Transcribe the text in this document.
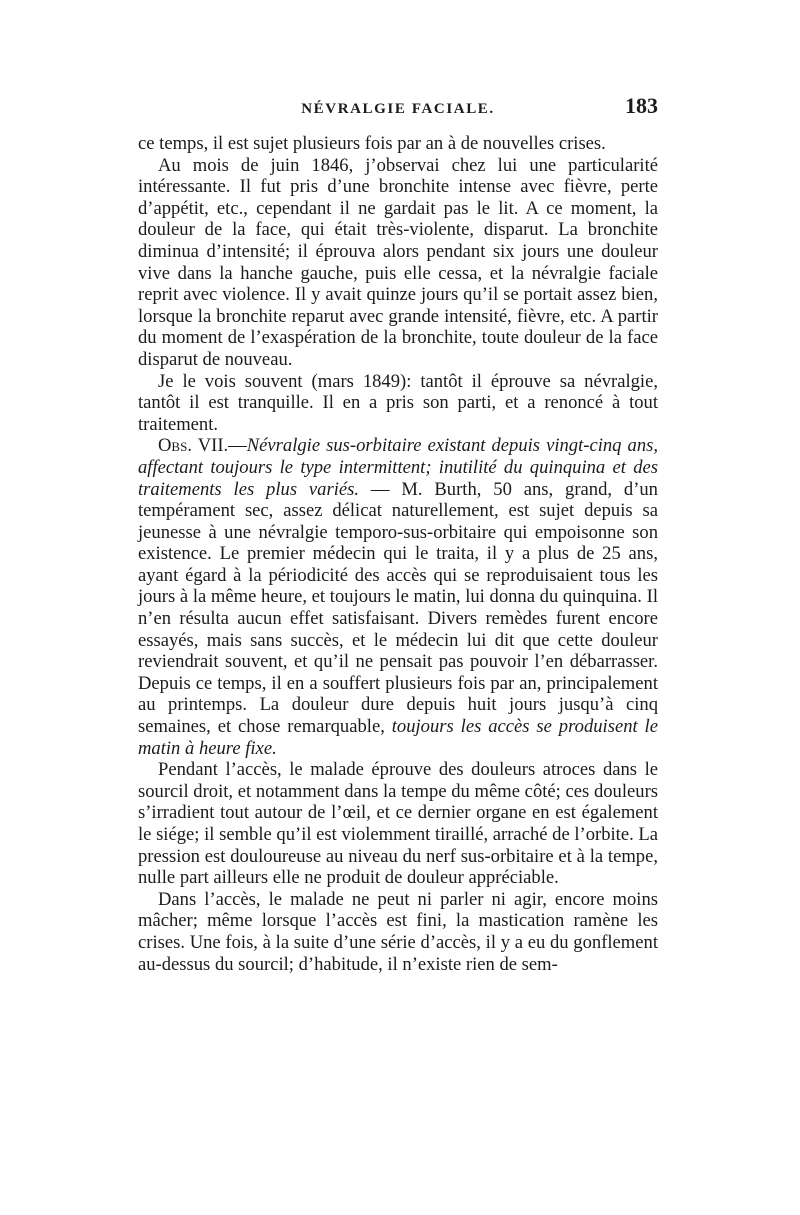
NÉVRALGIE FACIALE.	183

ce temps, il est sujet plusieurs fois par an à de nouvelles crises.

Au mois de juin 1846, j’observai chez lui une particularité intéressante. Il fut pris d’une bronchite intense avec fièvre, perte d’appétit, etc., cependant il ne gardait pas le lit. A ce moment, la douleur de la face, qui était très-violente, disparut. La bronchite diminua d’intensité; il éprouva alors pendant six jours une douleur vive dans la hanche gauche, puis elle cessa, et la névralgie faciale reprit avec violence. Il y avait quinze jours qu’il se portait assez bien, lorsque la bronchite reparut avec grande intensité, fièvre, etc. A partir du moment de l’exaspération de la bronchite, toute douleur de la face disparut de nouveau.

Je le vois souvent (mars 1849): tantôt il éprouve sa névralgie, tantôt il est tranquille. Il en a pris son parti, et a renoncé à tout traitement.

Obs. VII.—Névralgie sus-orbitaire existant depuis vingt-cinq ans, affectant toujours le type intermittent; inutilité du quinquina et des traitements les plus variés. — M. Burth, 50 ans, grand, d’un tempérament sec, assez délicat naturellement, est sujet depuis sa jeunesse à une névralgie temporo-sus-orbitaire qui empoisonne son existence. Le premier médecin qui le traita, il y a plus de 25 ans, ayant égard à la périodicité des accès qui se reproduisaient tous les jours à la même heure, et toujours le matin, lui donna du quinquina. Il n’en résulta aucun effet satisfaisant. Divers remèdes furent encore essayés, mais sans succès, et le médecin lui dit que cette douleur reviendrait souvent, et qu’il ne pensait pas pouvoir l’en débarrasser. Depuis ce temps, il en a souffert plusieurs fois par an, principalement au printemps. La douleur dure depuis huit jours jusqu’à cinq semaines, et chose remarquable, toujours les accès se produisent le matin à heure fixe.

Pendant l’accès, le malade éprouve des douleurs atroces dans le sourcil droit, et notamment dans la tempe du même côté; ces douleurs s’irradient tout autour de l’œil, et ce dernier organe en est également le siége; il semble qu’il est violemment tiraillé, arraché de l’orbite. La pression est douloureuse au niveau du nerf sus-orbitaire et à la tempe, nulle part ailleurs elle ne produit de douleur appréciable.

Dans l’accès, le malade ne peut ni parler ni agir, encore moins mâcher; même lorsque l’accès est fini, la mastication ramène les crises. Une fois, à la suite d’une série d’accès, il y a eu du gonflement au-dessus du sourcil; d’habitude, il n’existe rien de sem-
